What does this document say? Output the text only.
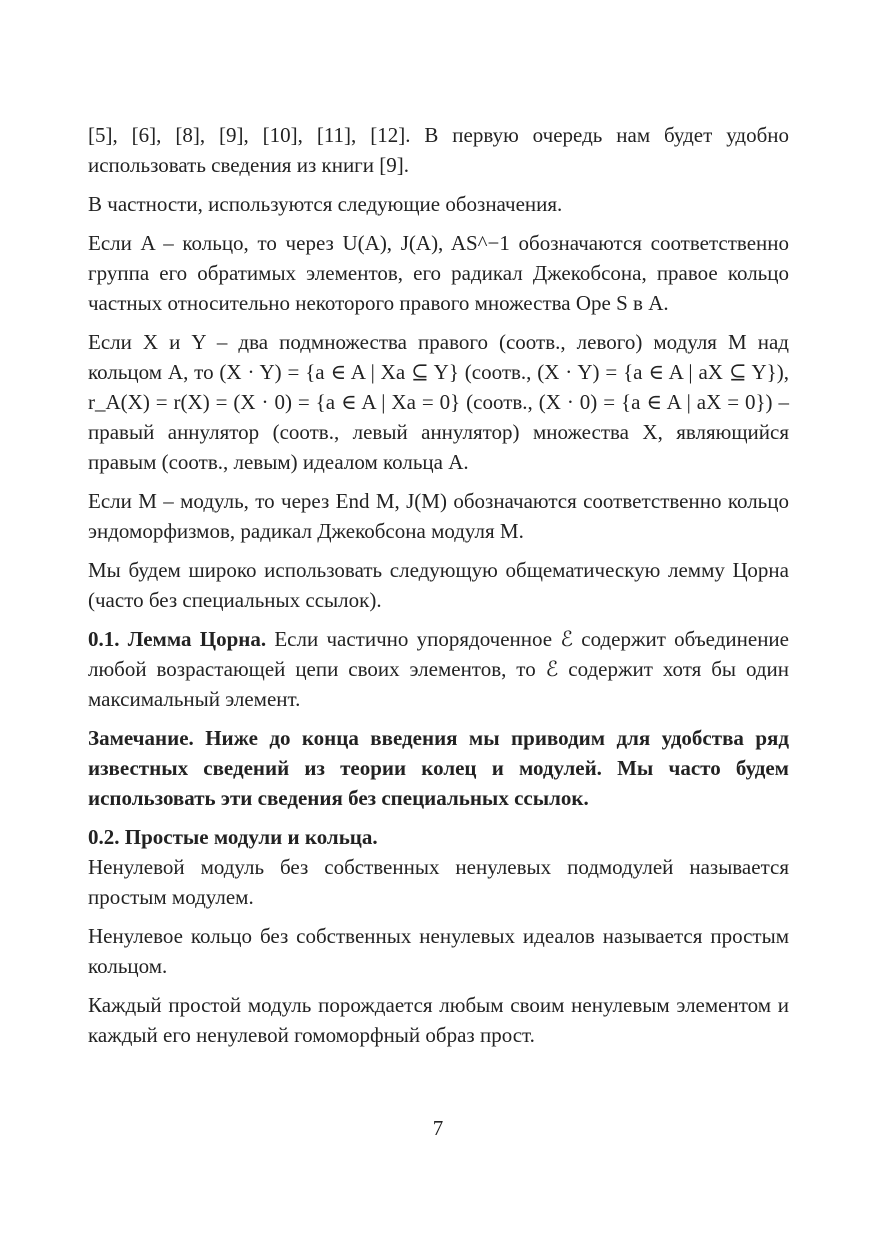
[5], [6], [8], [9], [10], [11], [12]. В первую очередь нам будет удобно использовать сведения из книги [9].
В частности, используются следующие обозначения.
Если A – кольцо, то через U(A), J(A), AS^−1 обозначаются соответственно группа его обратимых элементов, его радикал Джекобсона, правое кольцо частных относительно некоторого правого множества Оре S в A.
Если X и Y – два подмножества правого (соотв., левого) модуля M над кольцом A, то (X · Y) = {a ∈ A | Xa ⊆ Y} (соотв., (X · Y) = {a ∈ A | aX ⊆ Y}), r_A(X) = r(X) = (X · 0) = {a ∈ A | Xa = 0} (соотв., (X · 0) = {a ∈ A | aX = 0}) – правый аннулятор (соотв., левый аннулятор) множества X, являющийся правым (соотв., левым) идеалом кольца A.
Если M – модуль, то через End M, J(M) обозначаются соответственно кольцо эндоморфизмов, радикал Джекобсона модуля M.
Мы будем широко использовать следующую общематическую лемму Цорна (часто без специальных ссылок).
0.1. Лемма Цорна. Если частично упорядоченное ℰ содержит объединение любой возрастающей цепи своих элементов, то ℰ содержит хотя бы один максимальный элемент.
Замечание. Ниже до конца введения мы приводим для удобства ряд известных сведений из теории колец и модулей. Мы часто будем использовать эти сведения без специальных ссылок.
0.2. Простые модули и кольца.
Ненулевой модуль без собственных ненулевых подмодулей называется простым модулем.
Ненулевое кольцо без собственных ненулевых идеалов называется простым кольцом.
Каждый простой модуль порождается любым своим ненулевым элементом и каждый его ненулевой гомоморфный образ прост.
7
